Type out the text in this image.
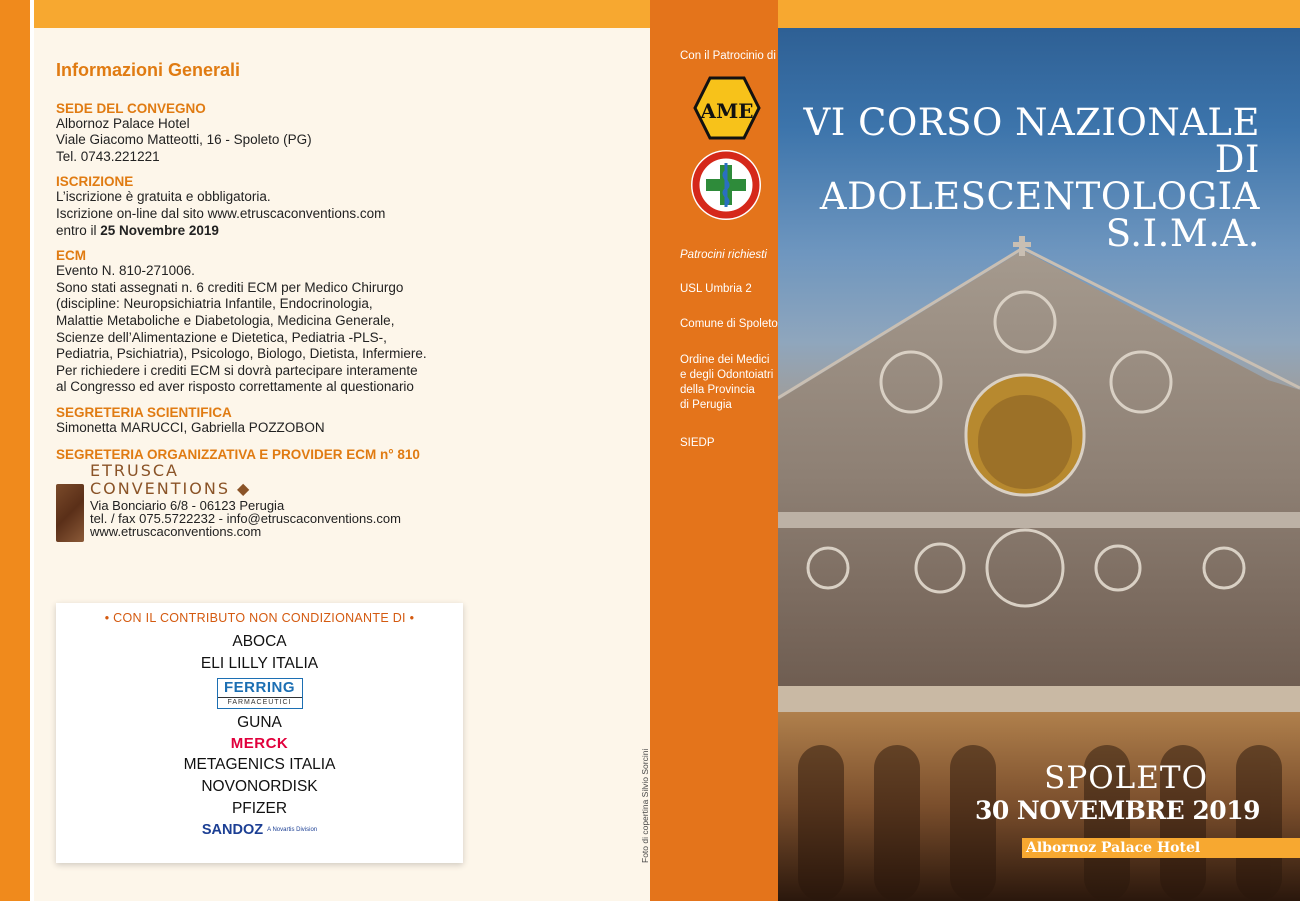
Informazioni Generali
SEDE DEL CONVEGNO
Albornoz Palace Hotel
Viale Giacomo Matteotti, 16 - Spoleto (PG)
Tel. 0743.221221
ISCRIZIONE
L’iscrizione è gratuita e obbligatoria.
Iscrizione on-line dal sito www.etruscaconventions.com
entro il 25 Novembre 2019
ECM
Evento N. 810-271006.
Sono stati assegnati n. 6 crediti ECM per Medico Chirurgo
(discipline: Neuropsichiatria Infantile, Endocrinologia,
Malattie Metaboliche e Diabetologia, Medicina Generale,
Scienze dell’Alimentazione e Dietetica, Pediatria -PLS-,
Pediatria, Psichiatria), Psicologo, Biologo, Dietista, Infermiere.
Per richiedere i crediti ECM si dovrà partecipare interamente
al Congresso ed aver risposto correttamente al questionario
SEGRETERIA SCIENTIFICA
Simonetta MARUCCI, Gabriella POZZOBON
SEGRETERIA ORGANIZZATIVA E PROVIDER ECM n° 810
ETRUSCA
CONVENTIONS ◆
Via Bonciario 6/8 - 06123 Perugia
tel. / fax 075.5722232 - info@etruscaconventions.com
www.etruscaconventions.com
• CON IL CONTRIBUTO NON CONDIZIONANTE DI •
ABOCA
ELI LILLY ITALIA
FERRING
FARMACEUTICI
GUNA
MERCK
METAGENICS ITALIA
NOVONORDISK
PFIZER
SANDOZ $^{A Novartis Division}$	Foto di copertina Silvio Sorcini
Con il Patrocinio di
Patrocini richiesti
USL Umbria 2
Comune di Spoleto
Ordine dei Medici
e degli Odontoiatri
della Provincia
di Perugia
SIEDP
AME	VI CORSO NAZIONALE
DI ADOLESCENTOLOGIA
S.I.M.A.
SPOLETO
30 NOVEMBRE 2019
Albornoz Palace Hotel
